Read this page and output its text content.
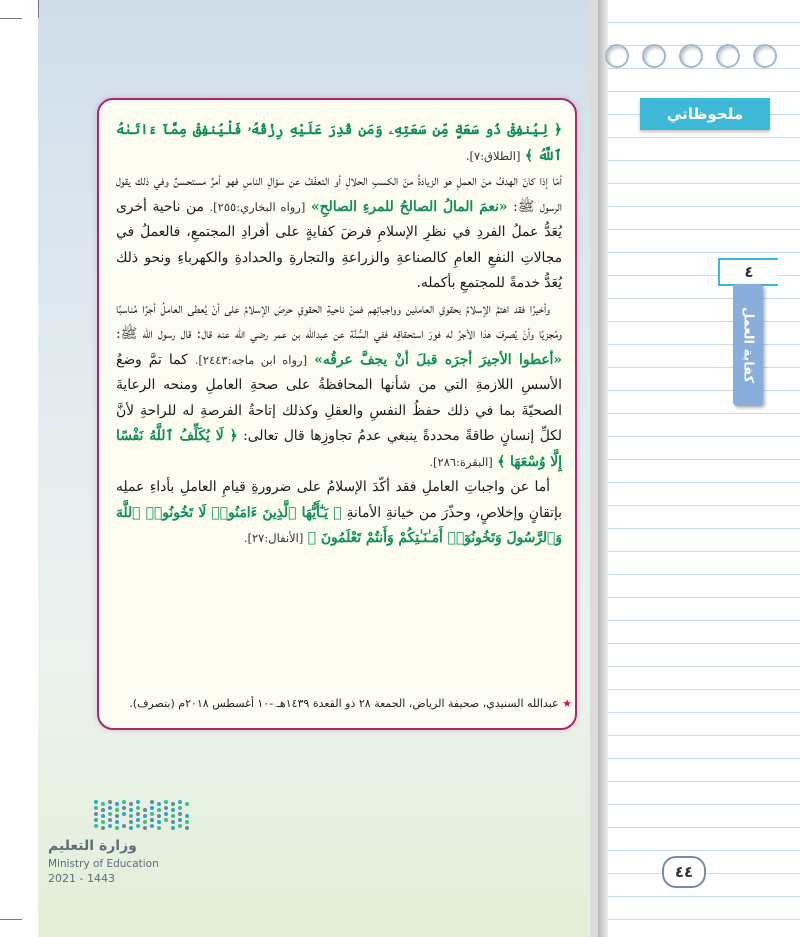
ملحوظاتي
٤
كفاية العمل
٤٤

﴿ لِيُنفِقْ ذُو سَعَةٍ مِّن سَعَتِهِۦ وَمَن قُدِرَ عَلَيْهِ رِزْقُهُۥ فَلْيُنفِقْ مِمَّآ ءَاتَىٰهُ ٱللَّهُ ﴾ [الطلاق:٧].

أمّا إذا كانَ الهدفُ منَ العملِ هو الزيادةُ منَ الكسبِ الحلالِ أو التعفّفُ عن سؤالِ الناسِ فهو أمرٌ مستحسنٌ وفي ذلك يقول الرسول ﷺ: «نعمَ المالُ الصالحُ للمرءِ الصالحِ» [رواه البخاري:٢٥٥]. من ناحية أخرى يُعَدُّ عملُ الفردِ في نظرِ الإسلامِ فرضَ كفايةٍ على أفرادِ المجتمعِ، فالعملُ في مجالاتِ النفعِ العامِ كالصناعةِ والزراعةِ والتجارةِ والحدادةِ والكهرباءِ ونحو ذلك يُعَدُّ خدمةً للمجتمعِ بأكمله.

وأخيرًا فقد اهتمَّ الإسلامُ بحقوقِ العاملين وواجباتِهم فمنْ ناحيةِ الحقوقِ حرصَ الإسلامُ على أنْ يُعطى العاملُ أجرًا مُناسبًا ومُجزيًا وأنْ يُصرفَ هذا الأجرُ له فورَ استحقاقِه ففي السُّنَّة عن عبدالله بن عمر رضي الله عنه قال: قال رسول الله ﷺ: «أعطوا الأجيرَ أجرَه قبلَ أنْ يجفَّ عرقُه» [رواه ابن ماجه:٢٤٤٣]. كما تمَّ وضعُ الأسسِ اللازمةِ التي من شأنها المحافظةُ على صحةِ العاملِ ومنحه الرعايةَ الصحيّةَ بما في ذلك حفظُ النفسِ والعقلِ وكذلك إتاحةُ الفرصةِ له للراحةِ لأنَّ لكلِّ إنسانٍ طاقةً محددةً ينبغي عدمُ تجاوزِها قال تعالى: ﴿ لَا يُكَلِّفُ ٱللَّهُ نَفْسًا إِلَّا وُسْعَهَا ﴾ [البقرة:٢٨٦].

أما عن واجباتِ العاملِ فقد أكّدَ الإسلامُ على ضرورةِ قيامِ العاملِ بأداءِ عملِه بإتقانٍ وإخلاصٍ، وحذّرَ من خيانةِ الأمانةِ ﴿ يَـٰٓأَيُّهَا ٱلَّذِينَ ءَامَنُوا۟ لَا تَخُونُوا۟ ٱللَّهَ وَٱلرَّسُولَ وَتَخُونُوٓا۟ أَمَـٰنَـٰتِكُمْ وَأَنتُمْ تَعْلَمُونَ ﴾ [الأنفال:٢٧].

★ عبدالله السنيدي، صحيفة الرياض، الجمعة ٢٨ ذو القعدة ١٤٣٩هـ -١٠ أغسطس ٢٠١٨م (بتصرف).
وزارة التعليم
Ministry of Education
2021 - 1443
